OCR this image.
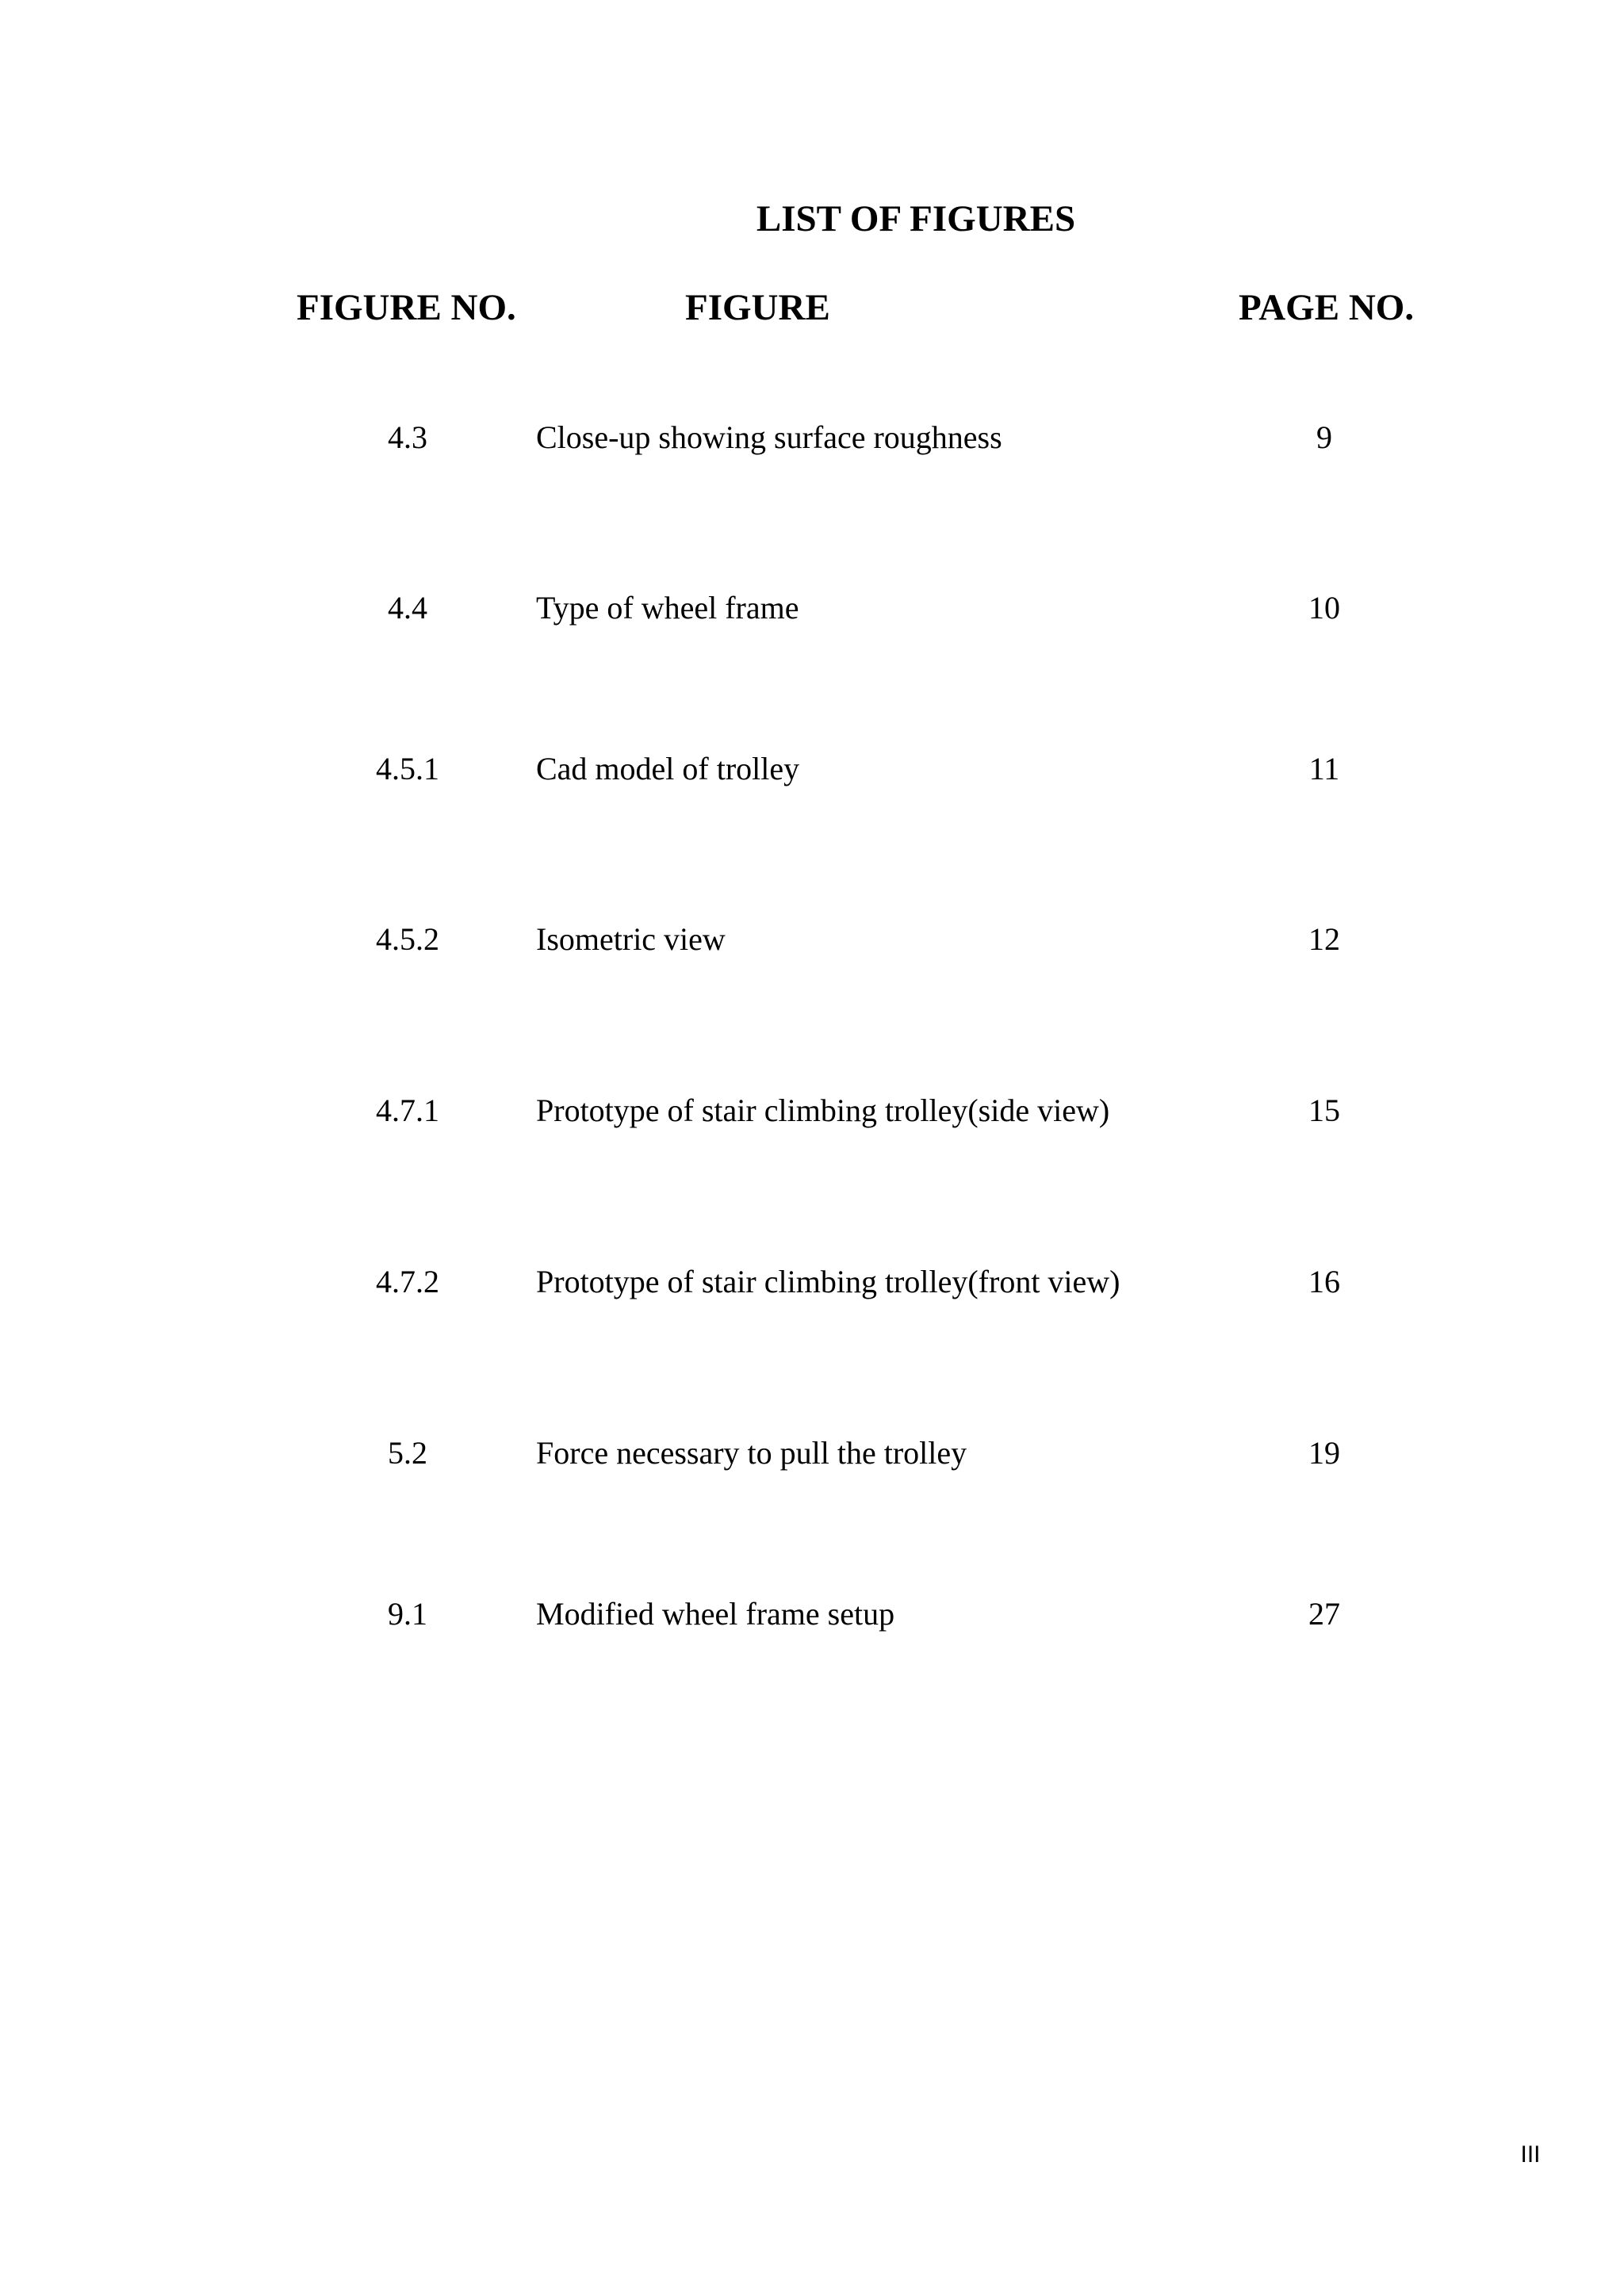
LIST OF FIGURES
FIGURE NO.	FIGURE	PAGE NO.
4.3	Close-up showing surface roughness	9
4.4	Type of wheel frame	10
4.5.1	Cad model of trolley	11
4.5.2	Isometric view	12
4.7.1	Prototype of stair climbing trolley(side view)	15
4.7.2	Prototype of stair climbing trolley(front view)	16
5.2	Force necessary to pull the trolley	19
9.1	Modified wheel frame setup	27
III
